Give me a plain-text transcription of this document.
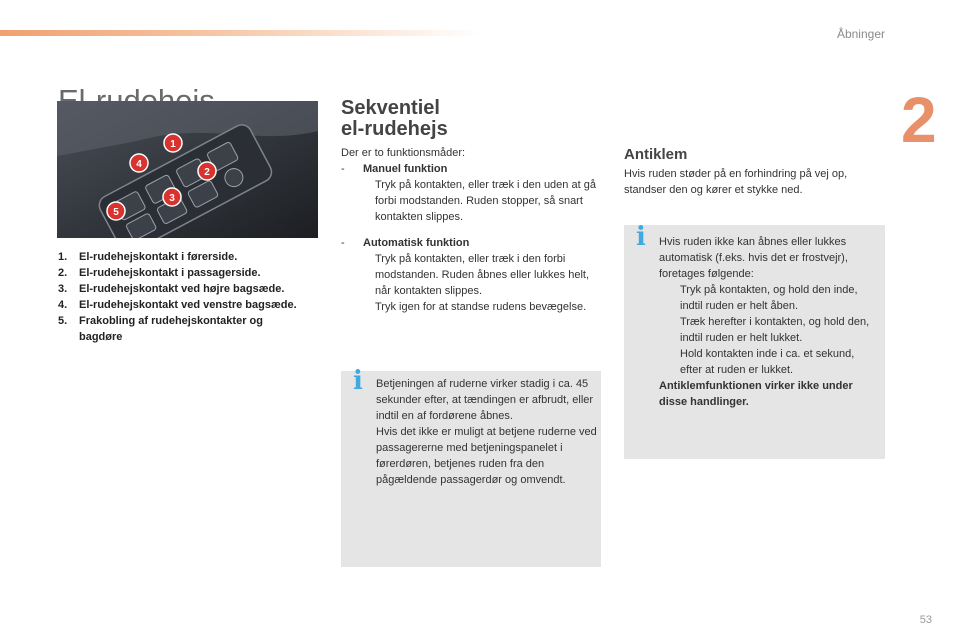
Åbninger
2
1
2
3
4
5
1.	El-rudehejskontakt i førerside.
2.	El-rudehejskontakt i passagerside.
3.	El-rudehejskontakt ved højre bagsæde.
4.	El-rudehejskontakt ved venstre bagsæde.
5.	Frakobling af rudehejskontakter og bagdøre
Sekventiel
el-rudehejs
Der er to funktionsmåder:
-	Manuel funktion
Tryk på kontakten, eller træk i den uden at gå forbi modstanden. Ruden stopper, så snart kontakten slippes.
-	Automatisk funktion
Tryk på kontakten, eller træk i den forbi modstanden. Ruden åbnes eller lukkes helt, når kontakten slippes.
Tryk igen for at standse rudens bevægelse.
i Betjeningen af ruderne virker stadig i ca. 45 sekunder efter, at tændingen er afbrudt, eller indtil en af fordørene åbnes.
Hvis det ikke er muligt at betjene ruderne ved passagererne med betjeningspanelet i førerdøren, betjenes ruden fra den pågældende passagerdør og omvendt.
Antiklem
Hvis ruden støder på en forhindring på vej op, standser den og kører et stykke ned.
i Hvis ruden ikke kan åbnes eller lukkes automatisk (f.eks. hvis det er frostvejr), foretages følgende:
Tryk på kontakten, og hold den inde, indtil ruden er helt åben.
Træk herefter i kontakten, og hold den, indtil ruden er helt lukket.
Hold kontakten inde i ca. et sekund, efter at ruden er lukket.
Antiklemfunktionen virker ikke under disse handlinger.
53
